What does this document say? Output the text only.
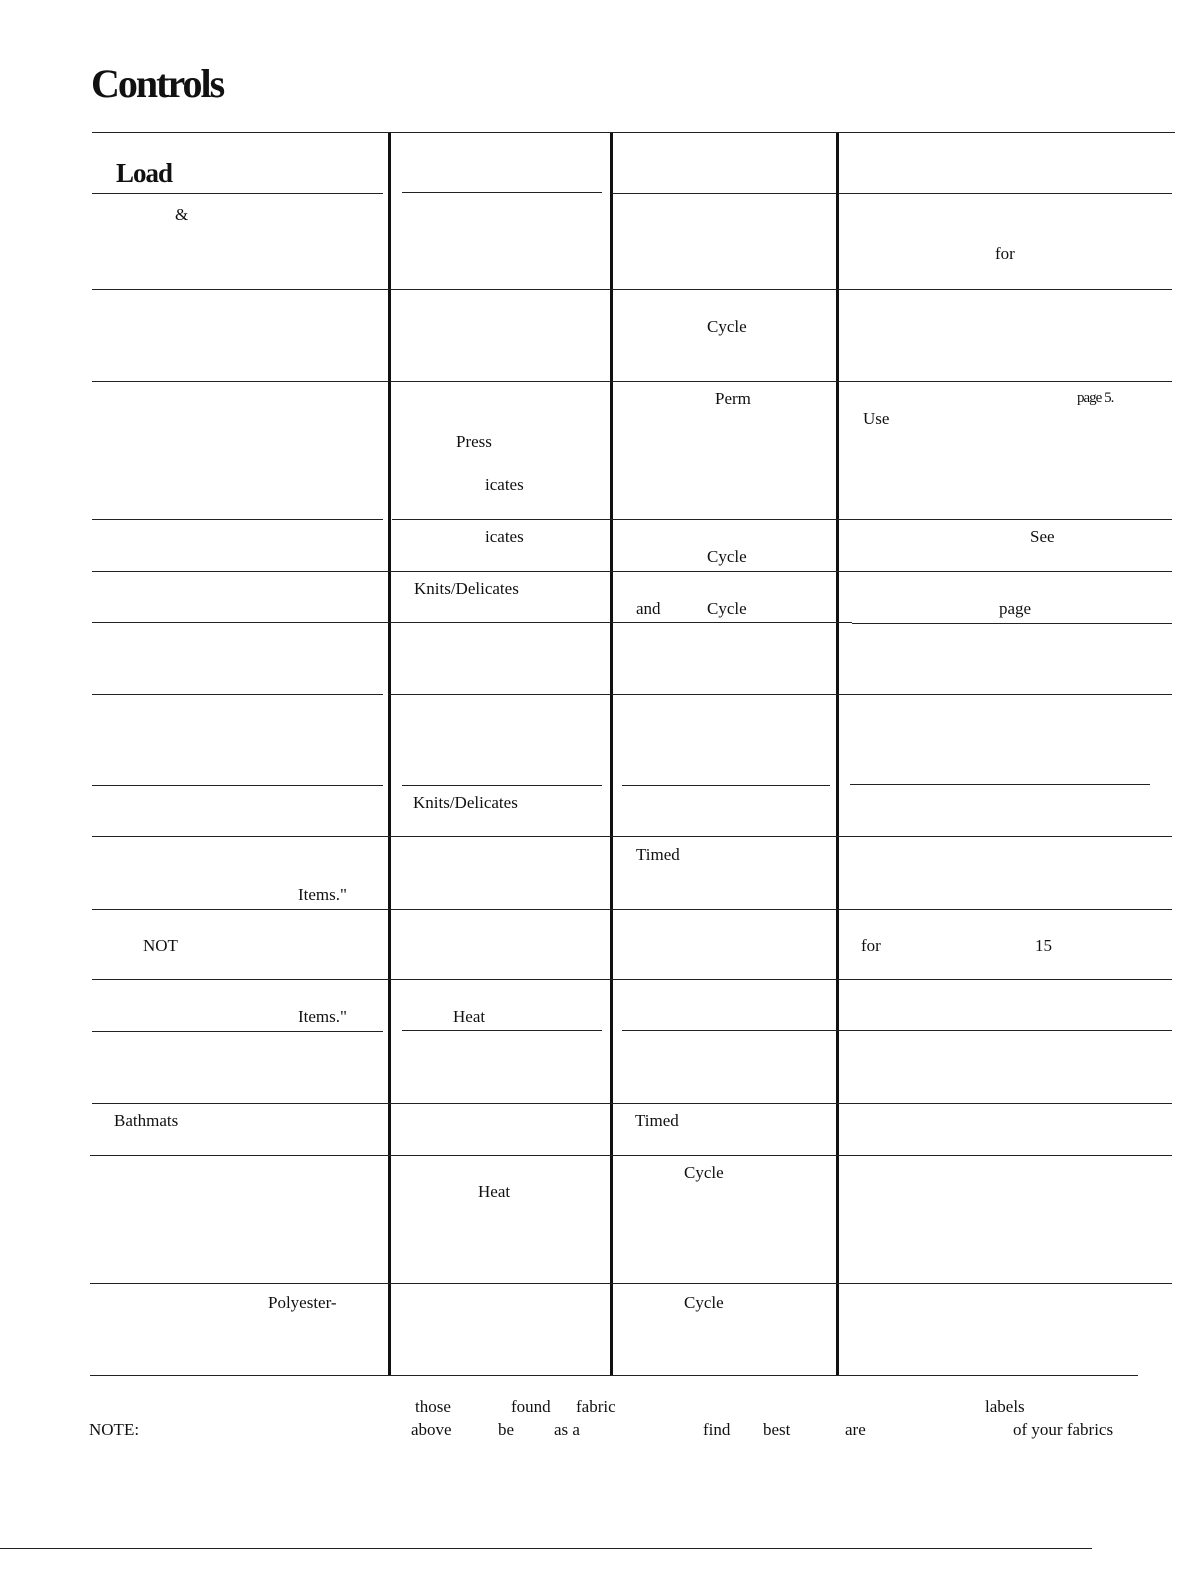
Controls
Load
&
for
Cycle
Perm	page 5.
Use
Press
icates
icates
Cycle
See
Knits/Delicates
and	Cycle	page
Knits/Delicates
Timed
Items."
NOT	for	15
Items."	Heat
Bathmats	Timed
Cycle
Heat
Polyester-	Cycle
NOTE:
those	found fabric	labels
above	be as a	find best	are	of your fabrics
